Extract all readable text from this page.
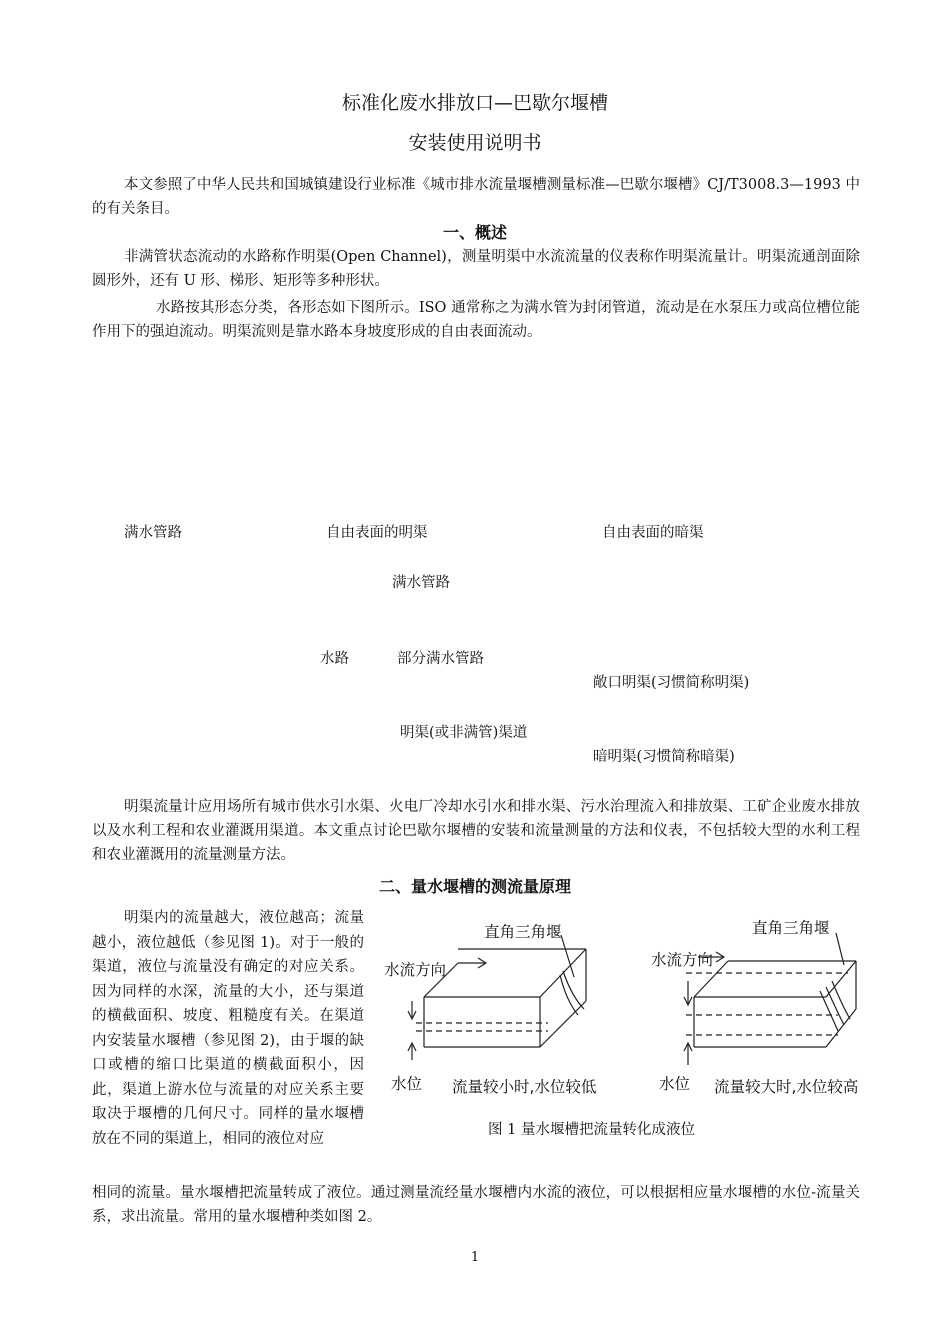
标准化废水排放口—巴歇尔堰槽
安装使用说明书
本文参照了中华人民共和国城镇建设行业标准《城市排水流量堰槽测量标准—巴歇尔堰槽》CJ/T3008.3—1993 中的有关条目。
一、概述
非满管状态流动的水路称作明渠(Open Channel)，测量明渠中水流流量的仪表称作明渠流量计。明渠流通剖面除圆形外，还有 U 形、梯形、矩形等多种形状。
水路按其形态分类，各形态如下图所示。ISO 通常称之为满水管为封闭管道，流动是在水泵压力或高位槽位能作用下的强迫流动。明渠流则是靠水路本身坡度形成的自由表面流动。
满水管路	自由表面的明渠	自由表面的暗渠
满水管路
水路	部分满水管路
敞口明渠(习惯简称明渠)
明渠(或非满管)渠道
暗明渠(习惯简称暗渠)
明渠流量计应用场所有城市供水引水渠、火电厂冷却水引水和排水渠、污水治理流入和排放渠、工矿企业废水排放以及水利工程和农业灌溉用渠道。本文重点讨论巴歇尔堰槽的安装和流量测量的方法和仪表，不包括较大型的水利工程和农业灌溉用的流量测量方法。
二、量水堰槽的测流量原理
明渠内的流量越大，液位越高；流量越小，液位越低（参见图 1)。对于一般的渠道，液位与流量没有确定的对应关系。因为同样的水深，流量的大小，还与渠道的横截面积、坡度、粗糙度有关。在渠道内安装量水堰槽（参见图 2)，由于堰的缺口或槽的缩口比渠道的横截面积小，因此，渠道上游水位与流量的对应关系主要取决于堰槽的几何尺寸。同样的量水堰槽放在不同的渠道上，相同的液位对应
直角三角堰
水流方向
水位 流量较小时,水位较低
直角三角堰
水流方向
水位 流量较大时,水位较高
图 1 量水堰槽把流量转化成液位
相同的流量。量水堰槽把流量转成了液位。通过测量流经量水堰槽内水流的液位，可以根据相应量水堰槽的水位-流量关系，求出流量。常用的量水堰槽种类如图 2。
1
